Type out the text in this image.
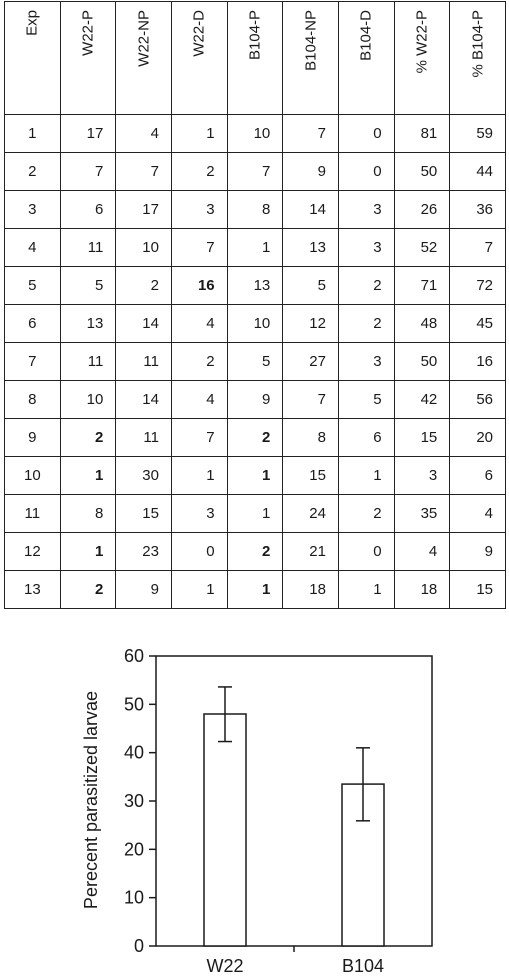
Exp	W22-P	W22-NP	W22-D	B104-P	B104-NP	B104-D	% W22-P	% B104-P

1	17	4	1	10	7	0	81	59
2	7	7	2	7	9	0	50	44
3	6	17	3	8	14	3	26	36
4	11	10	7	1	13	3	52	7
5	5	2	16	13	5	2	71	72
6	13	14	4	10	12	2	48	45
7	11	11	2	5	27	3	50	16
8	10	14	4	9	7	5	42	56
9	2	11	7	2	8	6	15	20
10	1	30	1	1	15	1	3	6
11	8	15	3	1	24	2	35	4
12	1	23	0	2	21	0	4	9
13	2	9	1	1	18	1	18	15
Perecent parasitized larvae
0
10
20
30
40
50
60
W22	B104
